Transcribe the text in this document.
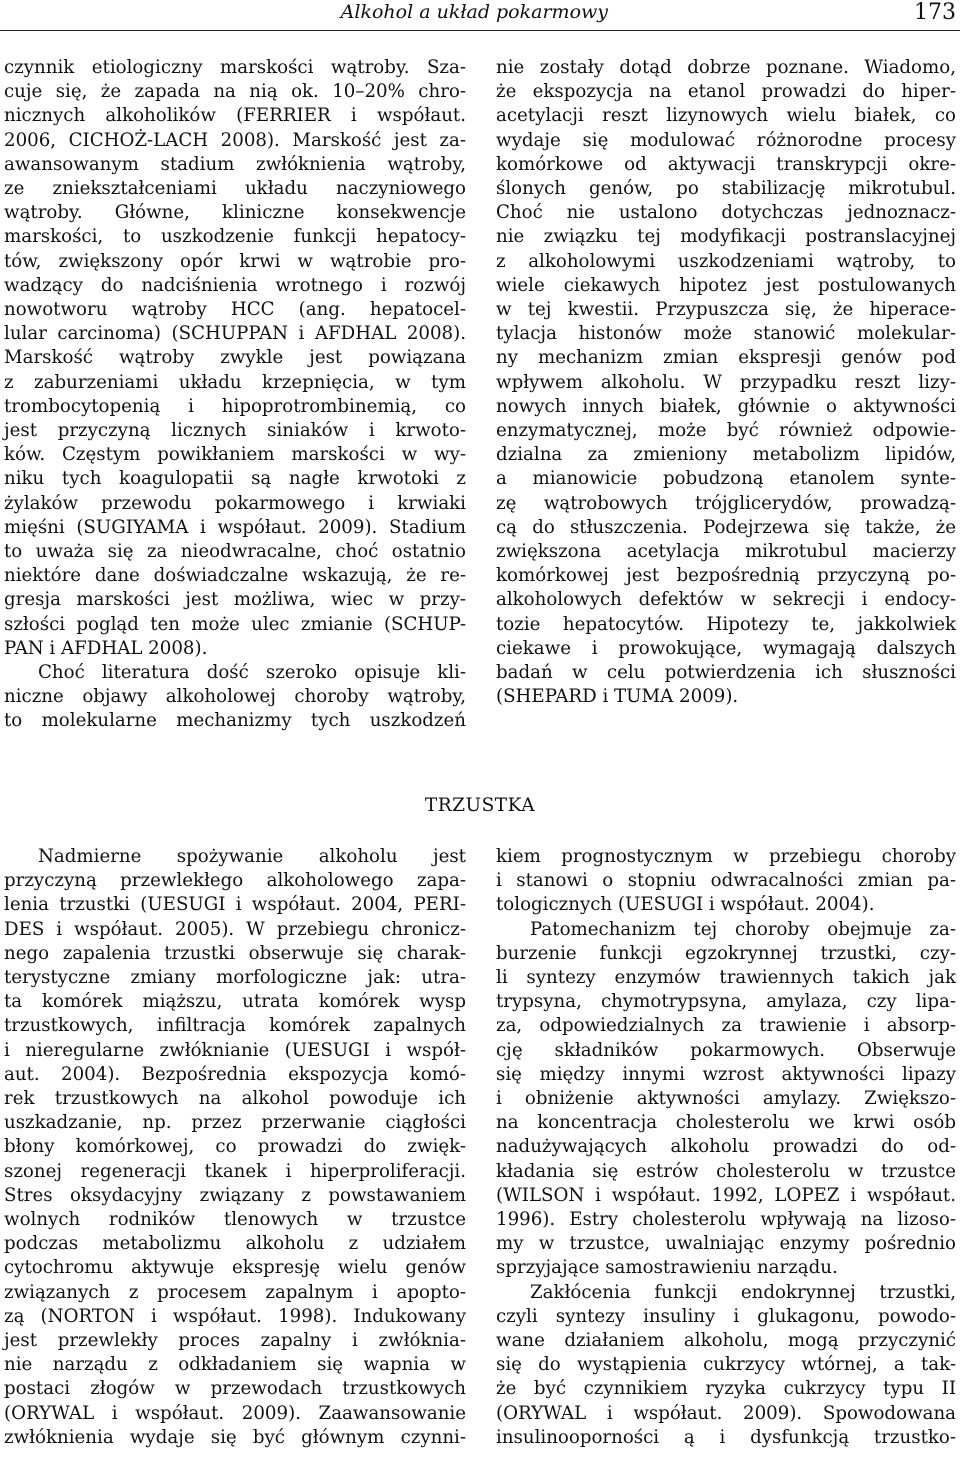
Alkohol a układ pokarmowy	173

czynnik etiologiczny marskości wątroby. Sza-

cuje się, że zapada na nią ok. 10–20% chro-

nicznych alkoholików (FERRIER i współaut.

2006, CICHOŻ-LACH 2008). Marskość jest za-

awansowanym stadium zwłóknienia wątroby,

ze zniekształceniami układu naczyniowego

wątroby. Główne, kliniczne konsekwencje

marskości, to uszkodzenie funkcji hepatocy-

tów, zwiększony opór krwi w wątrobie pro-

wadzący do nadciśnienia wrotnego i rozwój

nowotworu wątroby HCC (ang. hepatocel-

lular carcinoma) (SCHUPPAN i AFDHAL 2008).

Marskość wątroby zwykle jest powiązana

z zaburzeniami układu krzepnięcia, w tym

trombocytopenią i hipoprotrombinemią, co

jest przyczyną licznych siniaków i krwoto-

ków. Częstym powikłaniem marskości w wy-

niku tych koagulopatii są nagłe krwotoki z

żylaków przewodu pokarmowego i krwiaki

mięśni (SUGIYAMA i współaut. 2009). Stadium

to uważa się za nieodwracalne, choć ostatnio

niektóre dane doświadczalne wskazują, że re-

gresja marskości jest możliwa, wiec w przy-

szłości pogląd ten może ulec zmianie (SCHUP-

PAN i AFDHAL 2008).

Choć literatura dość szeroko opisuje kli-

niczne objawy alkoholowej choroby wątroby,

to molekularne mechanizmy tych uszkodzeń

nie zostały dotąd dobrze poznane. Wiadomo,

że ekspozycja na etanol prowadzi do hiper-

acetylacji reszt lizynowych wielu białek, co

wydaje się modulować różnorodne procesy

komórkowe od aktywacji transkrypcji okre-

ślonych genów, po stabilizację mikrotubul.

Choć nie ustalono dotychczas jednoznacz-

nie związku tej modyfikacji postranslacyjnej

z alkoholowymi uszkodzeniami wątroby, to

wiele ciekawych hipotez jest postulowanych

w tej kwestii. Przypuszcza się, że hiperace-

tylacja histonów może stanowić molekular-

ny mechanizm zmian ekspresji genów pod

wpływem alkoholu. W przypadku reszt lizy-

nowych innych białek, głównie o aktywności

enzymatycznej, może być również odpowie-

dzialna za zmieniony metabolizm lipidów,

a mianowicie pobudzoną etanolem synte-

zę wątrobowych trójglicerydów, prowadzą-

cą do stłuszczenia. Podejrzewa się także, że

zwiększona acetylacja mikrotubul macierzy

komórkowej jest bezpośrednią przyczyną po-

alkoholowych defektów w sekrecji i endocy-

tozie hepatocytów. Hipotezy te, jakkolwiek

ciekawe i prowokujące, wymagają dalszych

badań w celu potwierdzenia ich słuszności

(SHEPARD i TUMA 2009).

TRZUSTKA

Nadmierne spożywanie alkoholu jest

przyczyną przewlekłego alkoholowego zapa-

lenia trzustki (UESUGI i współaut. 2004, PERI-

DES i współaut. 2005). W przebiegu chronicz-

nego zapalenia trzustki obserwuje się charak-

terystyczne zmiany morfologiczne jak: utra-

ta komórek miąższu, utrata komórek wysp

trzustkowych, infiltracja komórek zapalnych

i nieregularne zwłóknianie (UESUGI i współ-

aut. 2004). Bezpośrednia ekspozycja komó-

rek trzustkowych na alkohol powoduje ich

uszkadzanie, np. przez przerwanie ciągłości

błony komórkowej, co prowadzi do zwięk-

szonej regeneracji tkanek i hiperproliferacji.

Stres oksydacyjny związany z powstawaniem

wolnych rodników tlenowych w trzustce

podczas metabolizmu alkoholu z udziałem

cytochromu aktywuje ekspresję wielu genów

związanych z procesem zapalnym i apopto-

zą (NORTON i współaut. 1998). Indukowany

jest przewlekły proces zapalny i zwłóknia-

nie narządu z odkładaniem się wapnia w

postaci złogów w przewodach trzustkowych

(ORYWAL i współaut. 2009). Zaawansowanie

zwłóknienia wydaje się być głównym czynni-

kiem prognostycznym w przebiegu choroby

i stanowi o stopniu odwracalności zmian pa-

tologicznych (UESUGI i współaut. 2004).

Patomechanizm tej choroby obejmuje za-

burzenie funkcji egzokrynnej trzustki, czy-

li syntezy enzymów trawiennych takich jak

trypsyna, chymotrypsyna, amylaza, czy lipa-

za, odpowiedzialnych za trawienie i absorp-

cję składników pokarmowych. Obserwuje

się między innymi wzrost aktywności lipazy

i obniżenie aktywności amylazy. Zwiększo-

na koncentracja cholesterolu we krwi osób

nadużywających alkoholu prowadzi do od-

kładania się estrów cholesterolu w trzustce

(WILSON i współaut. 1992, LOPEZ i współaut.

1996). Estry cholesterolu wpływają na lizoso-

my w trzustce, uwalniając enzymy pośrednio

sprzyjające samostrawieniu narządu.

Zakłócenia funkcji endokrynnej trzustki,

czyli syntezy insuliny i glukagonu, powodo-

wane działaniem alkoholu, mogą przyczynić

się do wystąpienia cukrzycy wtórnej, a tak-

że być czynnikiem ryzyka cukrzycy typu II

(ORYWAL i współaut. 2009). Spowodowana

insulinooporności ą i dysfunkcją trzustko-
